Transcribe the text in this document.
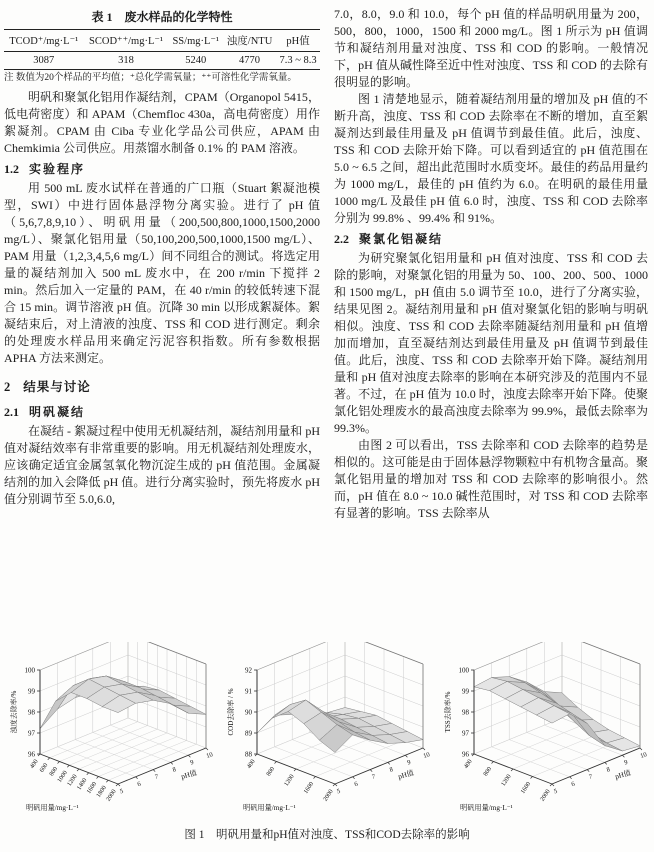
表 1　废水样品的化学特性
TCOD⁺/mg·L⁻¹	SCOD⁺⁺/mg·L⁻¹	SS/mg·L⁻¹	浊度/NTU	pH值
3087	318	5240	4770	7.3 ~ 8.3
注 数值为20个样品的平均值；⁺总化学需氧量；⁺⁺可溶性化学需氧量。

明矾和聚氯化铝用作凝结剂，CPAM（Organopol 5415，低电荷密度）和 APAM（Chemfloc 430a，高电荷密度）用作絮凝剂。CPAM 由 Ciba 专业化学品公司供应，APAM 由 Chemkimia 公司供应。用蒸馏水制备 0.1% 的 PAM 溶液。

1.2 实验程序

用 500 mL 废水试样在普通的广口瓶（Stuart 絮凝池模型，SWI）中进行固体悬浮物分离实验。进行了 pH 值（5,6,7,8,9,10）、明矾用量（200,500,800,1000,1500,2000 mg/L）、聚氯化铝用量（50,100,200,500,1000,1500 mg/L）、PAM 用量（1,2,3,4,5,6 mg/L）间不同组合的测试。将选定用量的凝结剂加入 500 mL 废水中，在 200 r/min 下搅拌 2 min。然后加入一定量的 PAM，在 40 r/min 的较低转速下混合 15 min。调节溶液 pH 值。沉降 30 min 以形成絮凝体。絮凝结束后，对上清液的浊度、TSS 和 COD 进行测定。剩余的处理废水样品用来确定污泥容积指数。所有参数根据 APHA 方法来测定。

2 结果与讨论
2.1 明矾凝结

在凝结 - 絮凝过程中使用无机凝结剂，凝结剂用量和 pH 值对凝结效率有非常重要的影响。用无机凝结剂处理废水，应该确定适宜金属氢氧化物沉淀生成的 pH 值范围。金属凝结剂的加入会降低 pH 值。进行分离实验时，预先将废水 pH 值分别调节至 5.0,6.0,

7.0，8.0，9.0 和 10.0，每个 pH 值的样品明矾用量为 200，500，800，1000，1500 和 2000 mg/L。图 1 所示为 pH 值调节和凝结剂用量对浊度、TSS 和 COD 的影响。一般情况下，pH 值从碱性降至近中性对浊度、TSS 和 COD 的去除有很明显的影响。

图 1 清楚地显示，随着凝结剂用量的增加及 pH 值的不断升高，浊度、TSS 和 COD 去除率在不断的增加，直至絮凝剂达到最佳用量及 pH 值调节到最佳值。此后，浊度、TSS 和 COD 去除开始下降。可以看到适宜的 pH 值范围在 5.0 ~ 6.5 之间，超出此范围时水质变坏。最佳的药品用量约为 1000 mg/L，最佳的 pH 值约为 6.0。在明矾的最佳用量 1000 mg/L 及最佳 pH 值 6.0 时，浊度、TSS 和 COD 去除率分别为 99.8% 、99.4% 和 91%。

2.2 聚氯化铝凝结

为研究聚氯化铝用量和 pH 值对浊度、TSS 和 COD 去除的影响，对聚氯化铝的用量为 50、100、200、500、1000 和 1500 mg/L，pH 值由 5.0 调节至 10.0，进行了分离实验，结果见图 2。凝结剂用量和 pH 值对聚氯化铝的影响与明矾相似。浊度、TSS 和 COD 去除率随凝结剂用量和 pH 值增加而增加，直至凝结剂达到最佳用量及 pH 值调节到最佳值。此后，浊度、TSS 和 COD 去除率开始下降。凝结剂用量和 pH 值对浊度去除率的影响在本研究涉及的范围内不显著。不过，在 pH 值为 10.0 时，浊度去除率开始下降。使聚氯化铝处理废水的最高浊度去除率为 99.9%，最低去除率为 99.3%。

由图 2 可以看出，TSS 去除率和 COD 去除率的趋势是相似的。这可能是由于固体悬浮物颗粒中有机物含量高。聚氯化铝用量的增加对 TSS 和 COD 去除率的影响很小。然而，pH 值在 8.0 ~ 10.0 碱性范围时，对 TSS 和 COD 去除率有显著的影响。TSS 去除率从

96
97
98
99
100
400
600
800
1000
1200
1400
1600
1800
2000 5
6
7
8
9
10
明矾用量/mg·L⁻¹
pH值
浊度去除率/%
88
89
90
91
92
400
800
1200
1600
2000 5
6
7
8
9
10
明矾用量/mg·L⁻¹
pH值
COD去除率 / %
96
97
98
99
100
400
800
1200
1600
2000 5
6
7
8
9
10
明矾用量/mg·L⁻¹
pH值
TSS去除率/%
图 1　明矾用量和pH值对浊度、TSS和COD去除率的影响
